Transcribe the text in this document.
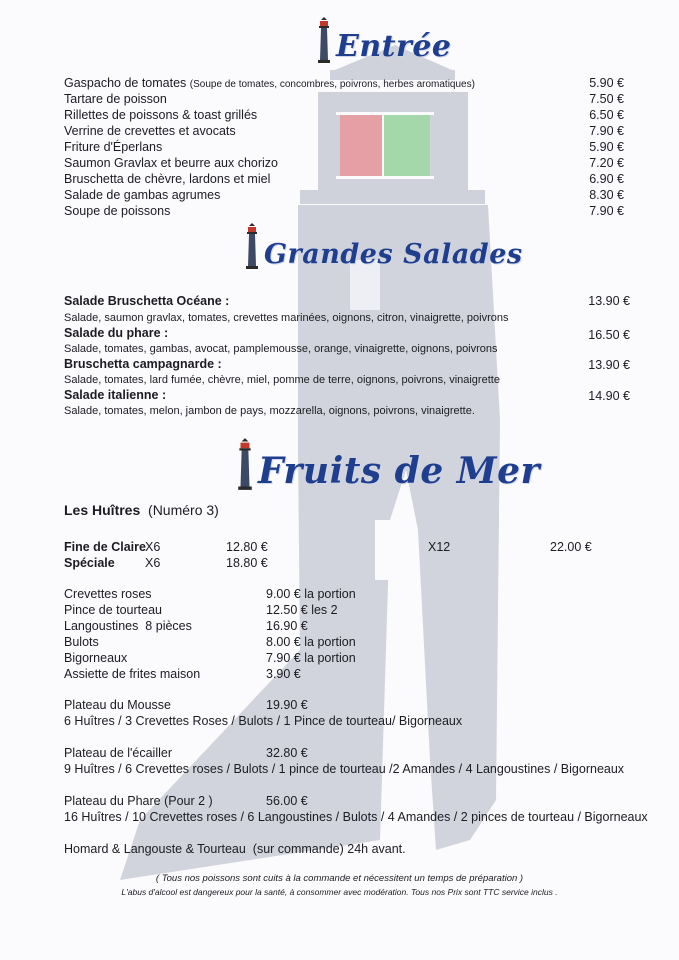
Entrée
Gaspacho de tomates (Soupe de tomates, concombres, poivrons, herbes aromatiques)	5.90 €
Tartare de poisson	7.50 €
Rillettes de poissons & toast grillés	6.50 €
Verrine de crevettes et avocats	7.90 €
Friture d'Éperlans	5.90 €
Saumon Gravlax et beurre aux chorizo	7.20 €
Bruschetta de chèvre, lardons et miel	6.90 €
Salade de gambas agrumes	8.30 €
Soupe de poissons	7.90 €
Grandes Salades
Salade Bruschetta Océane :	13.90 €
Salade, saumon gravlax, tomates, crevettes marinées, oignons, citron, vinaigrette, poivrons
Salade du phare :	16.50 €
Salade, tomates, gambas, avocat, pamplemousse, orange, vinaigrette, oignons, poivrons
Bruschetta campagnarde :	13.90 €
Salade, tomates, lard fumée, chèvre, miel, pomme de terre, oignons, poivrons, vinaigrette
Salade italienne :	14.90 €
Salade, tomates, melon, jambon de pays, mozzarella, oignons, poivrons, vinaigrette.
Fruits de Mer
Les Huîtres (Numéro 3)
Fine de Claire X6	12.80 €	X12	22.00 €
Spéciale X6	18.80 €
Crevettes roses	9.00 € la portion
Pince de tourteau	12.50 € les 2
Langoustines  8 pièces	16.90 €
Bulots	8.00 € la portion
Bigorneaux	7.90 € la portion
Assiette de frites maison	3.90 €
Plateau du Mousse	19.90 €
6 Huîtres / 3 Crevettes Roses / Bulots / 1 Pince de tourteau/ Bigorneaux
Plateau de l'écailler	32.80 €
9 Huîtres / 6 Crevettes roses / Bulots / 1 pince de tourteau /2 Amandes / 4 Langoustines / Bigorneaux
Plateau du Phare (Pour 2 )	56.00 €
16 Huîtres / 10 Crevettes roses / 6 Langoustines / Bulots / 4 Amandes / 2 pinces de tourteau / Bigorneaux
Homard & Langouste & Tourteau  (sur commande) 24h avant.
( Tous nos poissons sont cuits à la commande et nécessitent un temps de préparation )
L'abus d'alcool est dangereux pour la santé, à consommer avec modération. Tous nos Prix sont TTC service inclus .
